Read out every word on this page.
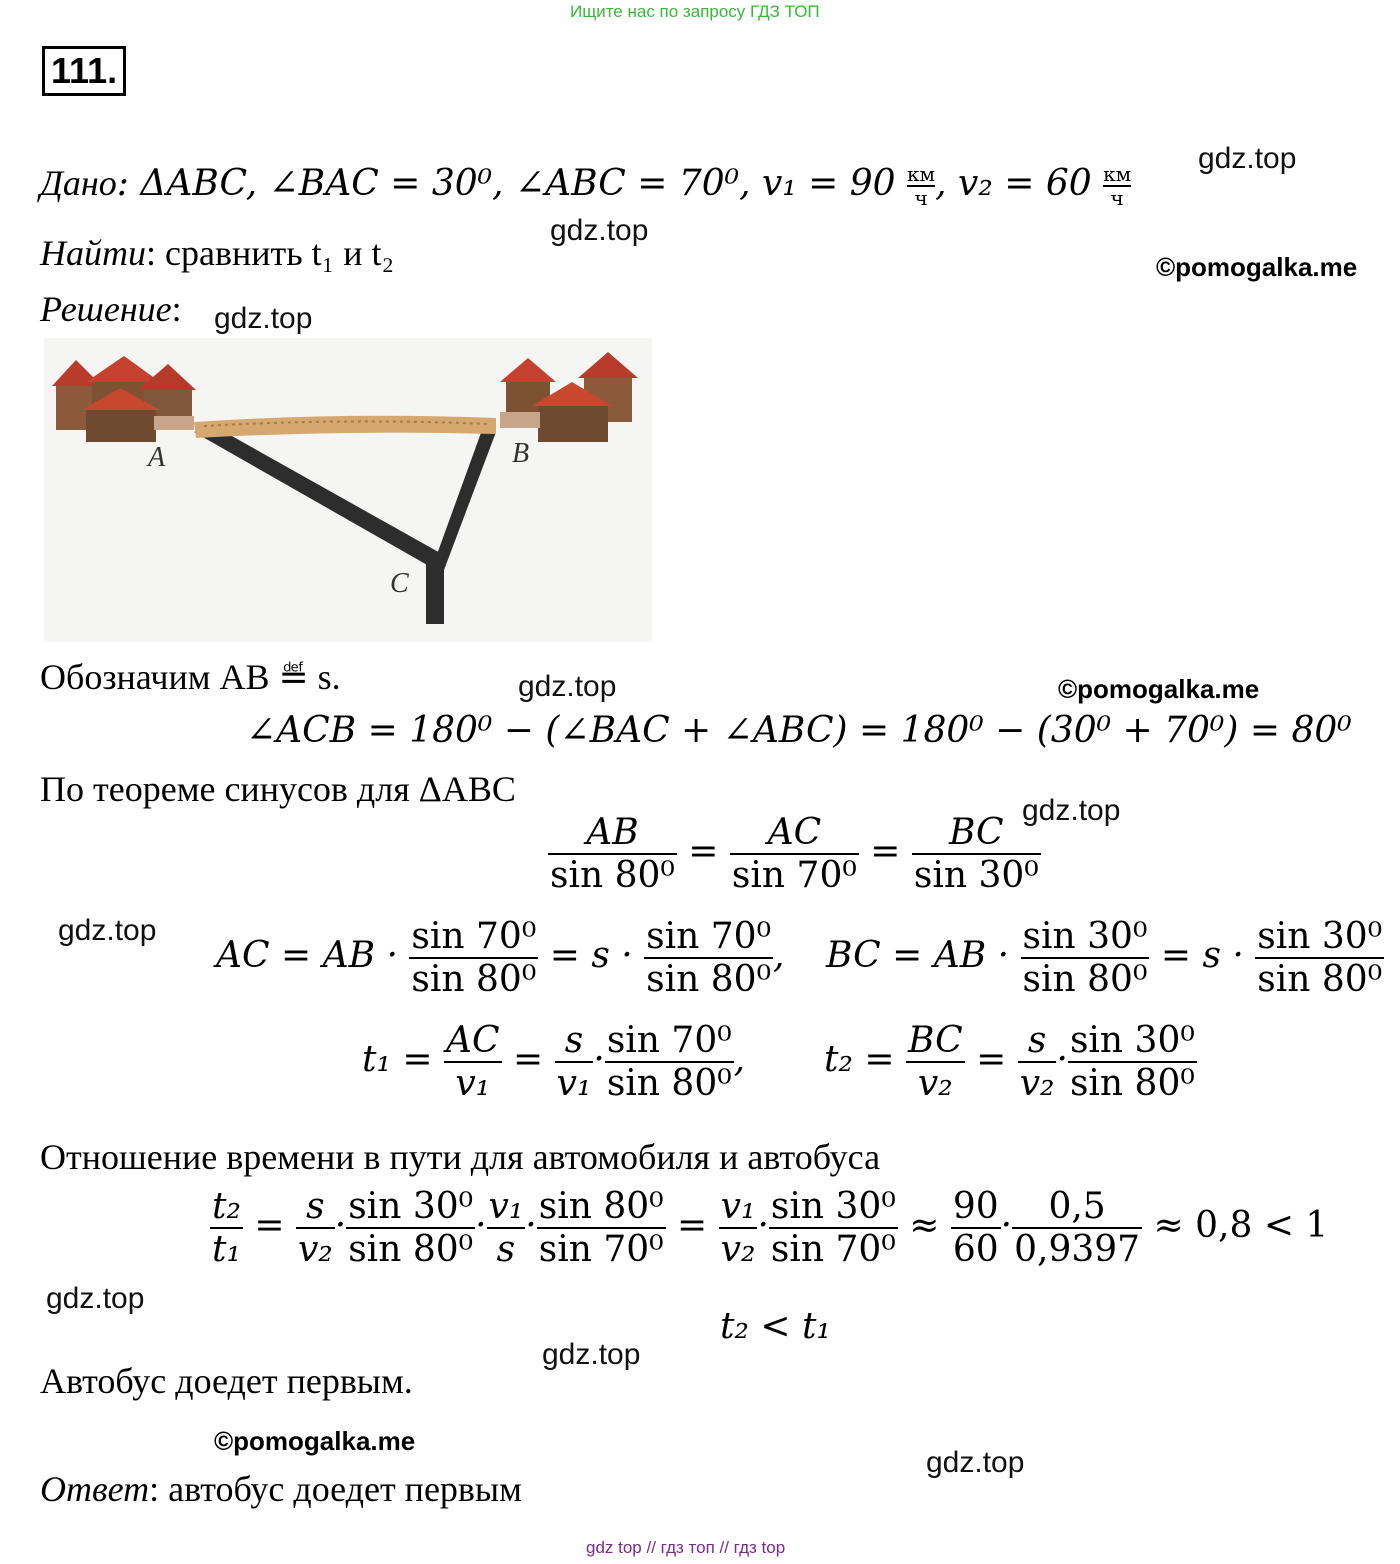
Ищите нас по запросу ГДЗ ТОП
111.
Дано: ΔABC, ∠BAC = 30⁰, ∠ABC = 70⁰, v₁ = 90 км
ч , v₂ = 60 км
ч
Найти: сравнить t₁ и t₂
Решение:
A	B
C
Обозначим AB ≝ s.
∠ACB = 180⁰ − (∠BAC + ∠ABC) = 180⁰ − (30⁰ + 70⁰) = 80⁰
По теореме синусов для ΔABC
$\frac{AB}{\text{sin 80⁰}} = \frac{AC}{\text{sin 70⁰}} = \frac{BC}{\text{sin 30⁰}}$
AC = AB · $\frac{\text{sin 70⁰}}{\text{sin 80⁰}} = s \cdot \frac{\text{sin 70⁰}}{\text{sin 80⁰}}$ , BC = AB · $\frac{\text{sin 30⁰}}{\text{sin 80⁰}} = s \cdot \frac{\text{sin 30⁰}}{\text{sin 80⁰}}$
$t_1 = \frac{AC}{\text{v₁}} = \frac{s}{\text{v₁}} \cdot \frac{\text{sin 70⁰}}{\text{sin 80⁰}}$ , $t_2 = \frac{BC}{\text{v₂}} = \frac{s}{\text{v₂}} \cdot \frac{\text{sin 30⁰}}{\text{sin 80⁰}}$
Отношение времени в пути для автомобиля и автобуса
$\frac{\text{t₂}}{\text{t₁}} = \frac{s}{\text{v₂}} \cdot \frac{\text{sin 30⁰}}{\text{sin 80⁰}} \cdot \frac{\text{v₁}}{s} \cdot \frac{\text{sin 80⁰}}{\text{sin 70⁰}} = \frac{\text{v₁}}{\text{v₂}} \cdot \frac{\text{sin 30⁰}}{\text{sin 70⁰}} \approx \frac{90}{60} \cdot \frac{0,5}{0,9397} \approx 0,8 < 1$
t₂ < t₁
Автобус доедет первым.
Ответ: автобус доедет первым
gdz.top
gdz.top
©pomogalka.me
gdz.top
gdz.top	©pomogalka.me
gdz.top
gdz.top
gdz.top
gdz.top
©pomogalka.me
gdz.top
gdz top // гдз топ // гдз top
